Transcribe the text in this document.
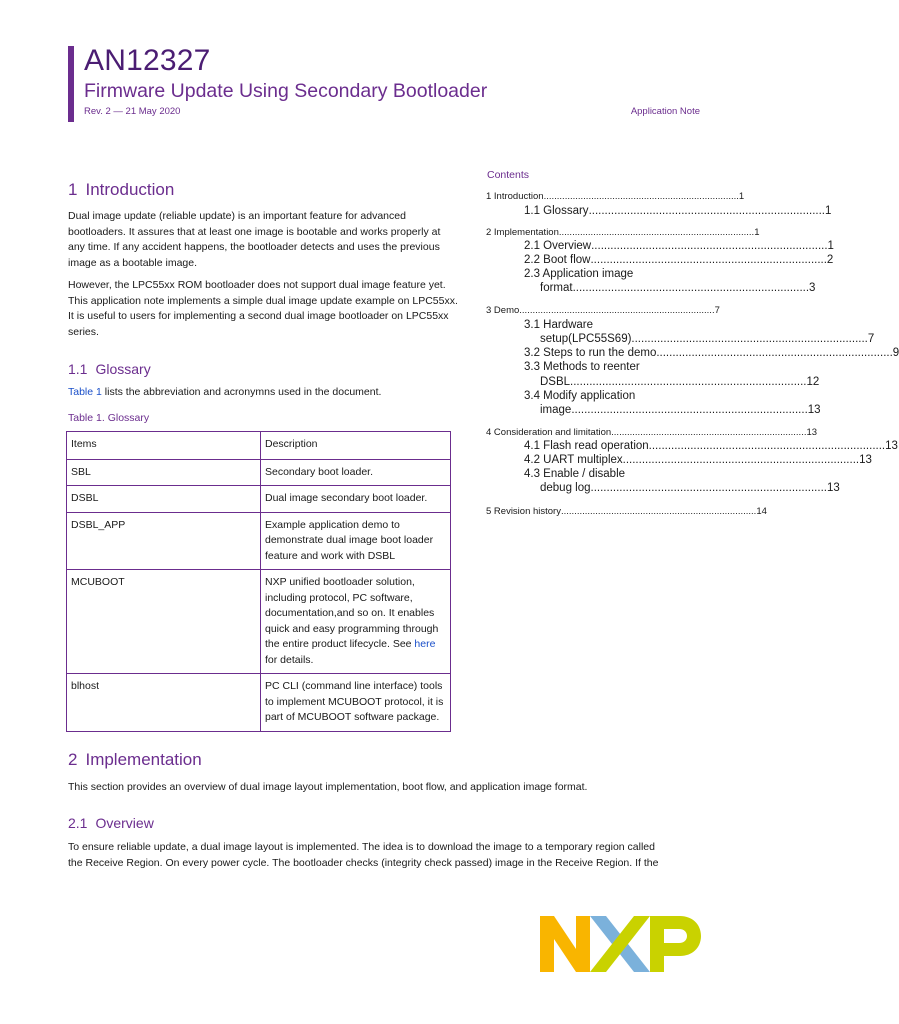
AN12327
Firmware Update Using Secondary Bootloader
Rev. 2 — 21 May 2020	Application Note
1 Introduction
Dual image update (reliable update) is an important feature for advanced bootloaders. It assures that at least one image is bootable and works properly at any time. If any accident happens, the bootloader detects and uses the previous image as a bootable image.
However, the LPC55xx ROM bootloader does not support dual image feature yet. This application note implements a simple dual image update example on LPC55xx. It is useful to users for implementing a second dual image bootloader on LPC55xx series.
1.1 Glossary
Table 1 lists the abbreviation and acronymns used in the document.
Table 1. Glossary
Items	Description
SBL	Secondary boot loader.
DSBL	Dual image secondary boot loader.
DSBL_APP	Example application demo to demonstrate dual image boot loader feature and work with DSBL
MCUBOOT	NXP unified bootloader solution, including protocol, PC software, documentation,and so on. It enables quick and easy programming through the entire product lifecycle. See here for details.
blhost	PC CLI (command line interface) tools to implement MCUBOOT protocol, it is part of MCUBOOT software package.
2 Implementation
This section provides an overview of dual image layout implementation, boot flow, and application image format.
2.1 Overview
To ensure reliable update, a dual image layout is implemented. The idea is to download the image to a temporary region called
the Receive Region. On every power cycle. The bootloader checks (integrity check passed) image in the Receive Region. If the
Contents
1 Introduction .......................................................................... 1
1.1 Glossary .......................................................................... 1
2 Implementation .......................................................................... 1
2.1 Overview .......................................................................... 1
2.2 Boot flow .......................................................................... 2
2.3 Application image
format .......................................................................... 3
3 Demo .......................................................................... 7
3.1 Hardware
setup(LPC55S69) .......................................................................... 7
3.2 Steps to run the demo .......................................................................... 9
3.3 Methods to reenter
DSBL .......................................................................... 12
3.4 Modify application
image .......................................................................... 13
4 Consideration and limitation .......................................................................... 13
4.1 Flash read operation .......................................................................... 13
4.2 UART multiplex .......................................................................... 13
4.3 Enable / disable
debug log .......................................................................... 13
5 Revision history .......................................................................... 14
